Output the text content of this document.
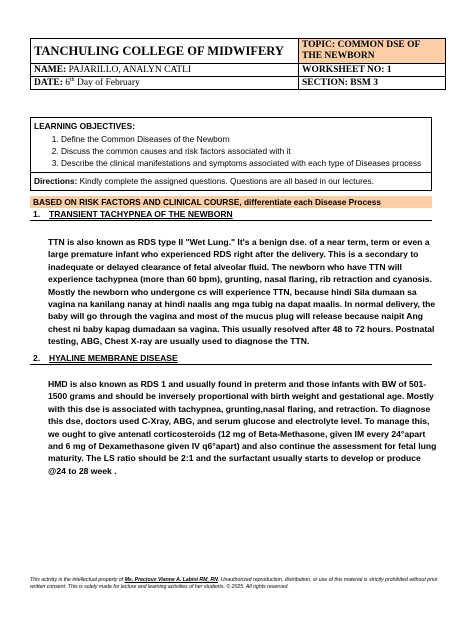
TANCHULING COLLEGE OF MIDWIFERY	TOPIC: COMMON DSE OF THE NEWBORN
NAME: PAJARILLO, ANALYN CATLI	WORKSHEET NO: 1
DATE: 6th Day of February	SECTION: BSM 3
LEARNING OBJECTIVES:
1. Define the Common Diseases of the Newborn
2. Discuss the common causes and risk factors associated with it
3. Describe the clinical manifestations and symptoms associated with each type of Diseases process
Directions: Kindly complete the assigned questions. Questions are all based in our lectures.
BASED ON RISK FACTORS AND CLINICAL COURSE, differentiate each Disease Process
1. TRANSIENT TACHYPNEA OF THE NEWBORN
TTN is also known as RDS type II "Wet Lung." It's a benign dse. of a near term, term or even a large premature infant who experienced RDS right after the delivery. This is a secondary to inadequate or delayed clearance of fetal alveolar fluid. The newborn who have TTN will experience tachypnea (more than 60 bpm), grunting, nasal flaring, rib retraction and cyanosis. Mostly the newborn who undergone cs will experience TTN, because hindi Sila dumaan sa vagina na kanilang nanay at hindi naalis ang mga tubig na dapat maalis. In normal delivery, the baby will go through the vagina and most of the mucus plug will release because naipit Ang chest ni baby kapag dumadaan sa vagina. This usually resolved after 48 to 72 hours. Postnatal testing, ABG, Chest X-ray are usually used to diagnose the TTN.
2. HYALINE MEMBRANE DISEASE
HMD is also known as RDS 1 and usually found in preterm and those infants with BW of 501-1500 grams and should be inversely proportional with birth weight and gestational age. Mostly with this dse is associated with tachypnea, grunting,nasal flaring, and retraction. To diagnose this dse, doctors used C-Xray, ABG, and serum glucose and electrolyte level. To manage this, we ought to give antenatl corticosteroids (12 mg of Beta-Methasone, given IM every 24°apart and 6 mg of Dexamethasone given IV q6°apart) and also continue the assessment for fetal lung maturity. The LS ratio should be 2:1 and the surfactant usually starts to develop or produce @24 to 28 week .
This activity is the intellectual property of Ms. Precious Vianne A. Labini RM, RN. Unauthorized reproduction, distribution, or use of this material is strictly prohibited without prior written consent. This is solely made for lecture and learning activities of her students. © 2025. All rights reserved.
